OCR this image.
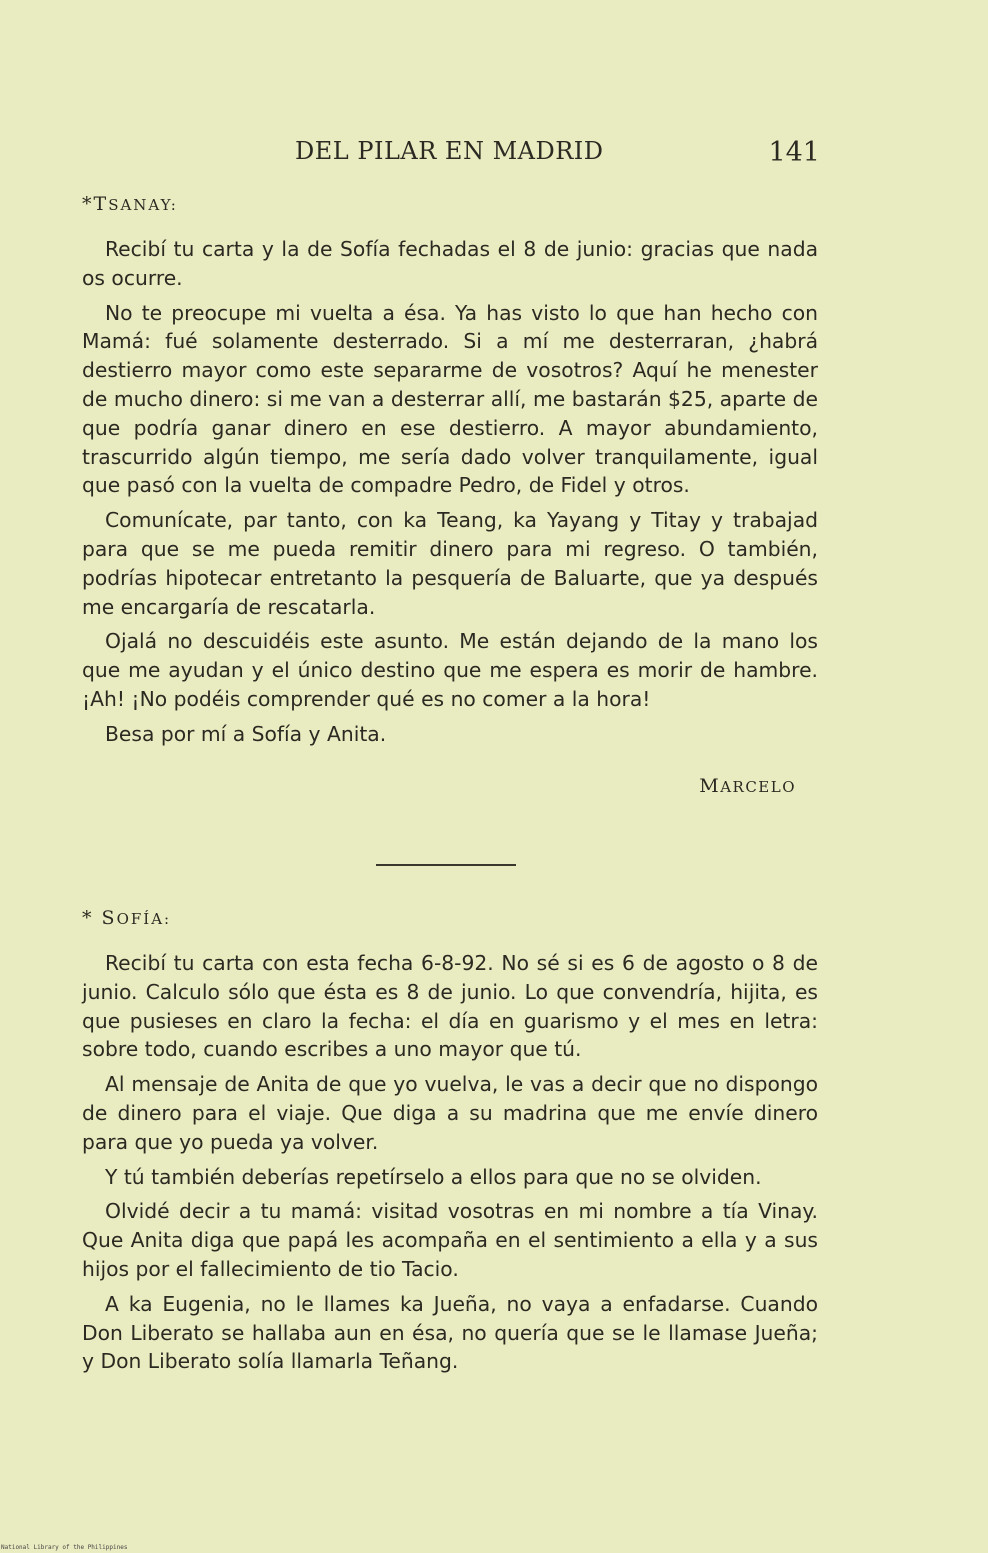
DEL PILAR EN MADRID	141
*TSANAY:

Recibí tu carta y la de Sofía fechadas el 8 de junio: gracias que nada os ocurre.

No te preocupe mi vuelta a ésa. Ya has visto lo que han hecho con Mamá: fué solamente desterrado. Si a mí me desterraran, ¿habrá destierro mayor como este separarme de vosotros? Aquí he menester de mucho dinero: si me van a desterrar allí, me bastarán $25, aparte de que podría ganar dinero en ese destierro. A mayor abundamiento, trascurrido algún tiempo, me sería dado volver tranquilamente, igual que pasó con la vuelta de compadre Pedro, de Fidel y otros.

Comunícate, par tanto, con ka Teang, ka Yayang y Titay y trabajad para que se me pueda remitir dinero para mi regreso. O también, podrías hipotecar entretanto la pesquería de Baluarte, que ya después me encargaría de rescatarla.

Ojalá no descuidéis este asunto. Me están dejando de la mano los que me ayudan y el único destino que me espera es morir de hambre. ¡Ah! ¡No podéis comprender qué es no comer a la hora!

Besa por mí a Sofía y Anita.

MARCELO
* SOFÍA:

Recibí tu carta con esta fecha 6-8-92. No sé si es 6 de agosto o 8 de junio. Calculo sólo que ésta es 8 de junio. Lo que convendría, hijita, es que pusieses en claro la fecha: el día en guarismo y el mes en letra: sobre todo, cuando escribes a uno mayor que tú.

Al mensaje de Anita de que yo vuelva, le vas a decir que no dispongo de dinero para el viaje. Que diga a su madrina que me envíe dinero para que yo pueda ya volver.

Y tú también deberías repetírselo a ellos para que no se olviden.

Olvidé decir a tu mamá: visitad vosotras en mi nombre a tía Vinay. Que Anita diga que papá les acompaña en el sentimiento a ella y a sus hijos por el fallecimiento de tio Tacio.

A ka Eugenia, no le llames ka Jueña, no vaya a enfadarse. Cuando Don Liberato se hallaba aun en ésa, no quería que se le llamase Jueña; y Don Liberato solía llamarla Teñang.

National Library of the Philippines
